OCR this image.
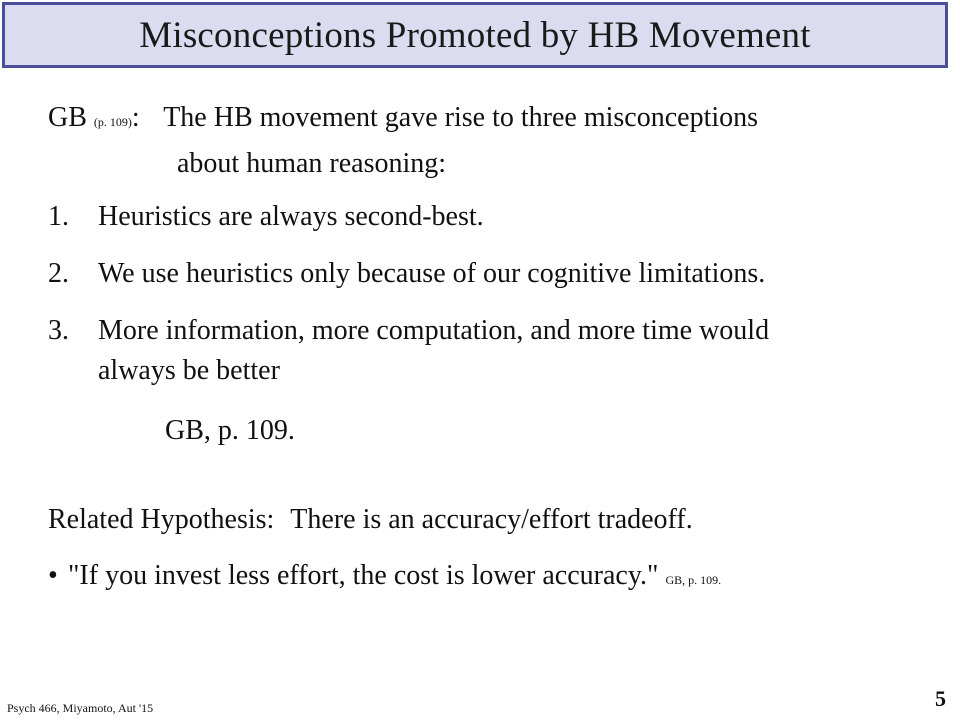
Misconceptions Promoted by HB Movement
GB (p. 109): The HB movement gave rise to three misconceptions
about human reasoning:
1. Heuristics are always second-best.
2. We use heuristics only because of our cognitive limitations.
3. More information, more computation, and more time would
always be better
GB, p. 109.
Related Hypothesis: There is an accuracy/effort tradeoff.
• "If you invest less effort, the cost is lower accuracy." GB, p. 109.
Psych 466, Miyamoto, Aut '15	5
